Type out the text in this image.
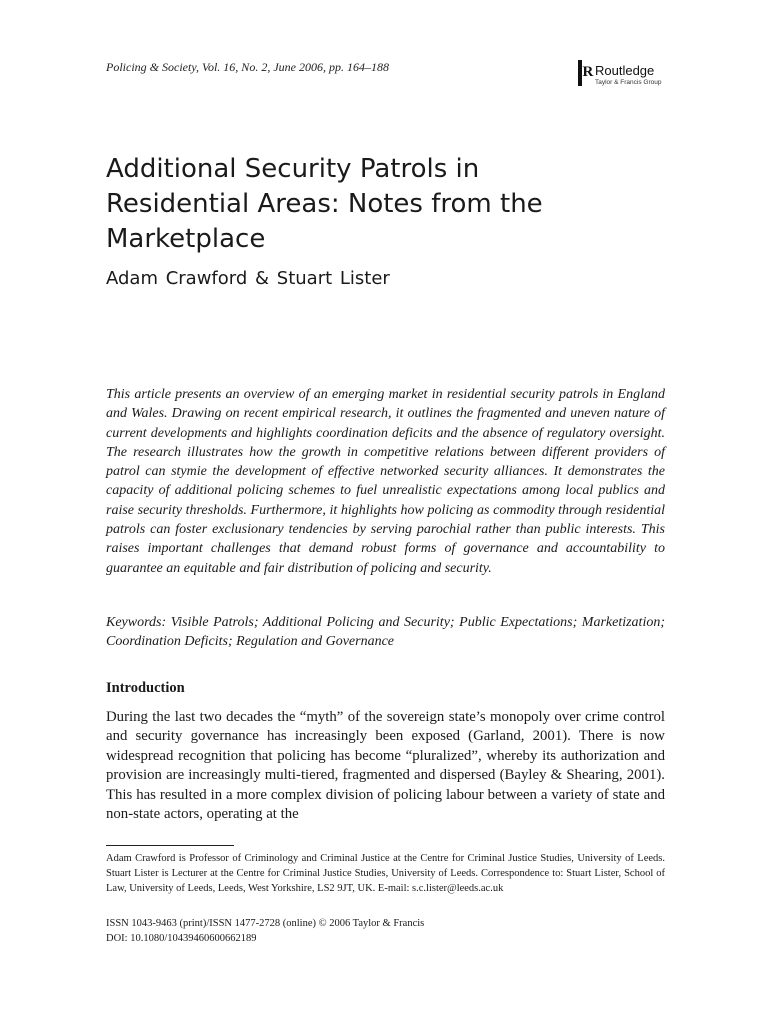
Policing & Society, Vol. 16, No. 2, June 2006, pp. 164–188	R Routledge
Taylor & Francis Group
Additional Security Patrols in
Residential Areas: Notes from the
Marketplace
Adam Crawford & Stuart Lister

This article presents an overview of an emerging market in residential security patrols in England and Wales. Drawing on recent empirical research, it outlines the fragmented and uneven nature of current developments and highlights coordination deficits and the absence of regulatory oversight. The research illustrates how the growth in competitive relations between different providers of patrol can stymie the development of effective networked security alliances. It demonstrates the capacity of additional policing schemes to fuel unrealistic expectations among local publics and raise security thresholds. Furthermore, it highlights how policing as commodity through residential patrols can foster exclusionary tendencies by serving parochial rather than public interests. This raises important challenges that demand robust forms of governance and accountability to guarantee an equitable and fair distribution of policing and security.

Keywords: Visible Patrols; Additional Policing and Security; Public Expectations; Marketization; Coordination Deficits; Regulation and Governance

Introduction

During the last two decades the “myth” of the sovereign state’s monopoly over crime control and security governance has increasingly been exposed (Garland, 2001). There is now widespread recognition that policing has become “pluralized”, whereby its authorization and provision are increasingly multi-tiered, fragmented and dispersed (Bayley & Shearing, 2001). This has resulted in a more complex division of policing labour between a variety of state and non-state actors, operating at the

Adam Crawford is Professor of Criminology and Criminal Justice at the Centre for Criminal Justice Studies, University of Leeds. Stuart Lister is Lecturer at the Centre for Criminal Justice Studies, University of Leeds. Correspondence to: Stuart Lister, School of Law, University of Leeds, Leeds, West Yorkshire, LS2 9JT, UK. E-mail: s.c.lister@leeds.ac.uk

ISSN 1043-9463 (print)/ISSN 1477-2728 (online) © 2006 Taylor & Francis
DOI: 10.1080/10439460600662189
